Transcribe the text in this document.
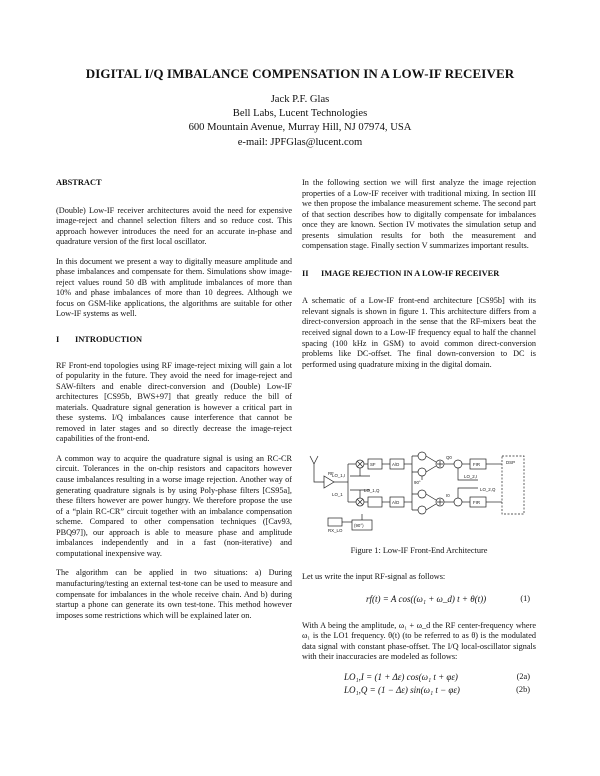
DIGITAL I/Q IMBALANCE COMPENSATION IN A LOW-IF RECEIVER
Jack P.F. Glas
Bell Labs, Lucent Technologies
600 Mountain Avenue, Murray Hill, NJ 07974, USA
e-mail: JPFGlas@lucent.com
ABSTRACT

(Double) Low-IF receiver architectures avoid the need for expensive image-reject and channel selection filters and so reduce cost. This approach however introduces the need for an accurate in-phase and quadrature version of the first local oscillator.

In this document we present a way to digitally measure amplitude and phase imbalances and compensate for them. Simulations show image-reject values round 50 dB with amplitude imbalances of more than 10% and phase imbalances of more than 10 degrees. Although we focus on GSM-like applications, the algorithms are suitable for other Low-IF systems as well.

I INTRODUCTION

RF Front-end topologies using RF image-reject mixing will gain a lot of popularity in the future. They avoid the need for image-reject and SAW-filters and enable direct-conversion and (Double) Low-IF architectures [CS95b, BWS+97] that greatly reduce the bill of materials. Quadrature signal generation is however a critical part in these systems. I/Q imbalances cause interference that cannot be removed in later stages and so directly decrease the image-reject capabilities of the front-end.

A common way to acquire the quadrature signal is using an RC-CR circuit. Tolerances in the on-chip resistors and capacitors however cause imbalances resulting in a worse image rejection. Another way of generating quadrature signals is by using Poly-phase filters [CS95a], these filters however are power hungry. We therefore propose the use of a “plain RC-CR” circuit together with an imbalance compensation scheme. Compared to other compensation techniques ([Cav93, PBQ97]), our approach is able to measure phase and amplitude imbalances independently and in a fast (non-iterative) and computational inexpensive way.

The algorithm can be applied in two situations: a) During manufacturing/testing an external test-tone can be used to measure and compensate for imbalances in the whole receive chain. And b) during startup a phone can generate its own test-tone. This method however imposes some restrictions which will be explained later on.

In the following section we will first analyze the image rejection properties of a Low-IF receiver with traditional mixing. In section III we then propose the imbalance measurement scheme. The second part of that section describes how to digitally compensate for imbalances once they are known. Section IV motivates the simulation setup and presents simulation results for both the measurement and compensation stage. Finally section V summarizes important results.

II IMAGE REJECTION IN A LOW-IF RECEIVER

A schematic of a Low-IF front-end architecture [CS95b] with its relevant signals is shown in figure 1. This architecture differs from a direct-conversion approach in the sense that the RF-mixers beat the received signal down to a Low-IF frequency equal to half the channel spacing (100 kHz in GSM) to avoid common direct-conversion problems like DC-offset. The final down-conversion to DC is performed using quadrature mixing in the digital domain.

RF
LO_1,I
LO_1,Q
LO_1
(90°)
A/D
A/D
FIR
FIR
DSP
LO_2,I
LO_2,Q
RX_LO
90°
SF
Q0
I0
Figure 1: Low-IF Front-End Architecture

Let us write the input RF-signal as follows:

rf(t) = A cos((ω₁ + ω_d) t + θ(t))	(1)

With A being the amplitude, ω₁ + ω_d the RF center-frequency where ω₁ is the LO1 frequency. θ(t) (to be referred to as θ) is the modulated data signal with constant phase-offset. The I/Q local-oscillator signals with their inaccuracies are modeled as follows:

LO₁,I = (1 + Δε) cos(ω₁ t + φε)	(2a)
LO₁,Q = (1 − Δε) sin(ω₁ t − φε)	(2b)
